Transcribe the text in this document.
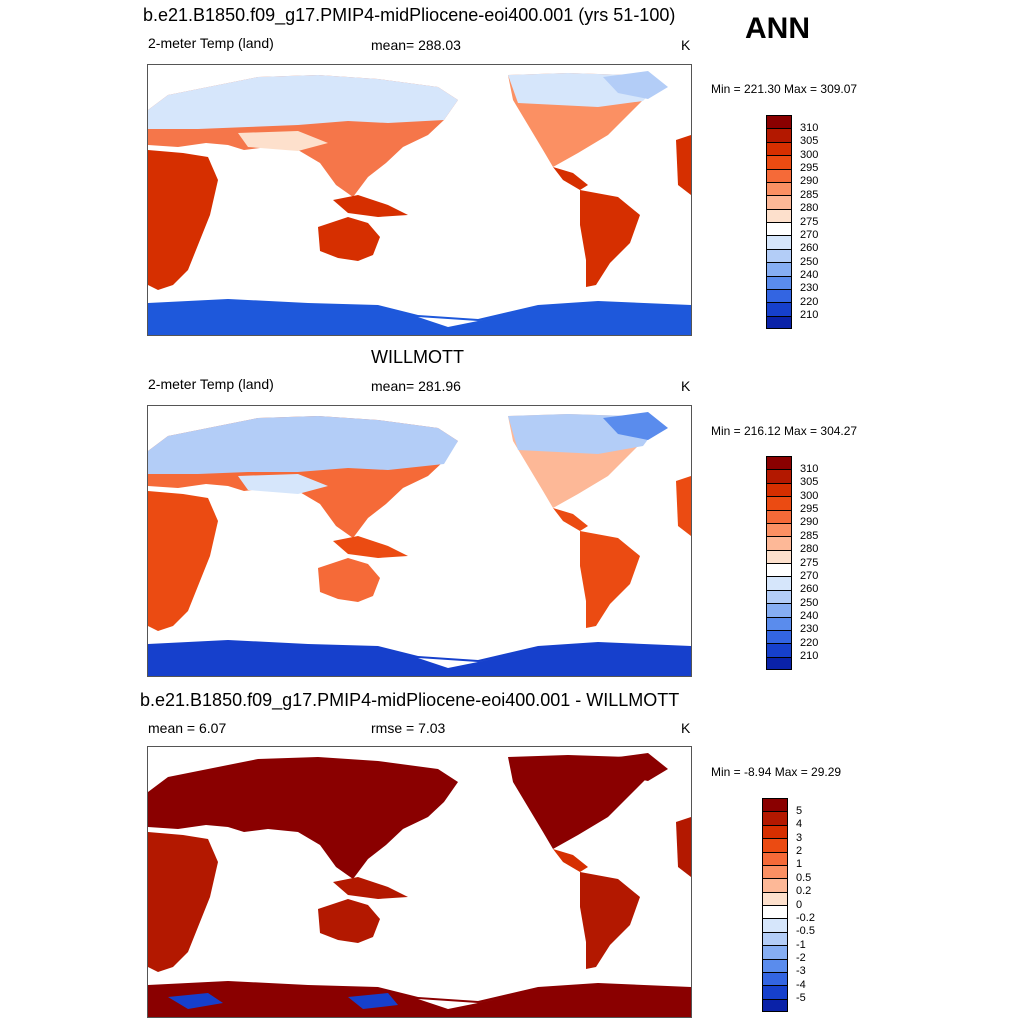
ANN
b.e21.B1850.f09_g17.PMIP4-midPliocene-eoi400.001 (yrs 51-100)
2-meter Temp (land)	mean= 288.03	K
Min = 221.30 Max = 309.07
310
305
300
295
290
285
280
275
270
260
250
240
230
220
210
WILLMOTT
2-meter Temp (land)	mean= 281.96	K
Min = 216.12 Max = 304.27
310
305
300
295
290
285
280
275
270
260
250
240
230
220
210
b.e21.B1850.f09_g17.PMIP4-midPliocene-eoi400.001 - WILLMOTT
mean = 6.07	rmse = 7.03	K
Min = -8.94 Max = 29.29
5
4
3
2
1
0.5
0.2
0
-0.2
-0.5
-1
-2
-3
-4
-5
